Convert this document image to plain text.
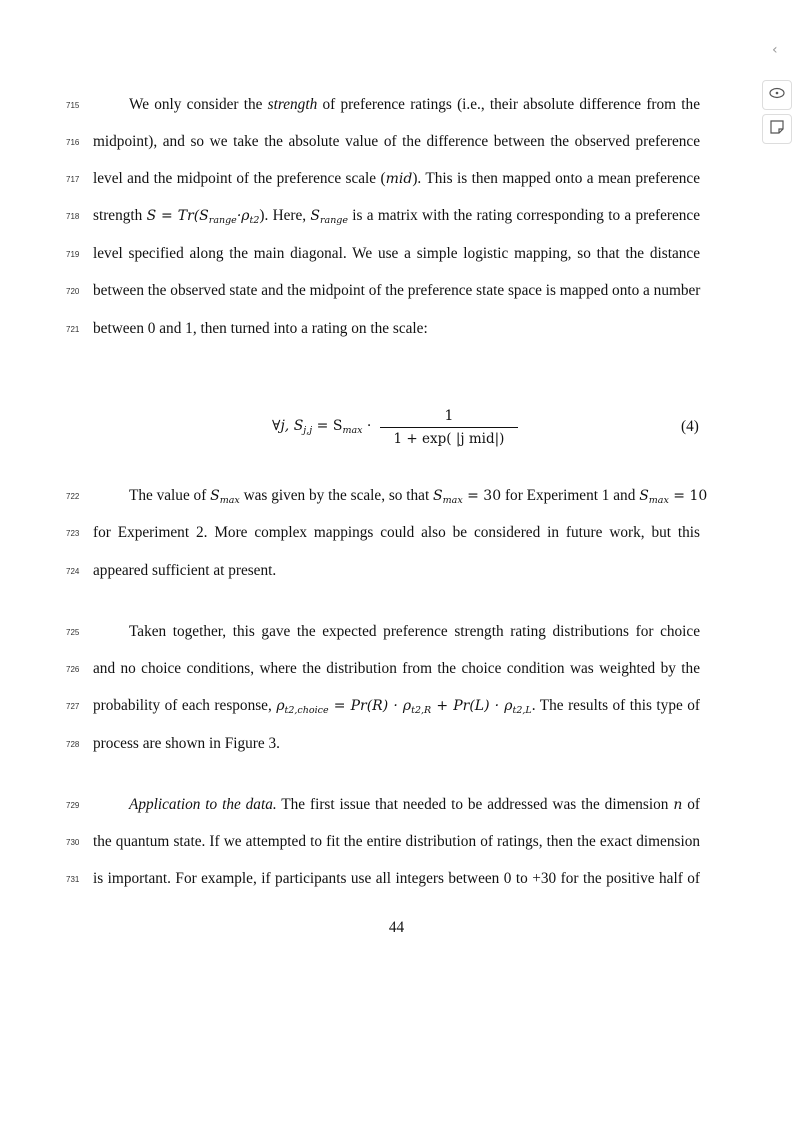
715	We only consider the strength of preference ratings (i.e., their absolute difference from the
716 midpoint), and so we take the absolute value of the difference between the observed preference
717 level and the midpoint of the preference scale (mid). This is then mapped onto a mean preference
718 strength $S = Tr(S_{range}\cdot\rho_{t2})$. Here, $S_{range}$ is a matrix with the rating corresponding to a preference
719 level specified along the main diagonal. We use a simple logistic mapping, so that the distance
720 between the observed state and the midpoint of the preference state space is mapped onto a number
721 between 0 and 1, then turned into a rating on the scale:
∀j, $S_{j,j} = S_{max}$ ·
1
1 + exp( |j mid|)
(4)
722	The value of $S_{max}$ was given by the scale, so that $S_{max} = 30$ for Experiment 1 and $S_{max} = 10$
723 for Experiment 2. More complex mappings could also be considered in future work, but this
724 appeared sufficient at present.
725	Taken together, this gave the expected preference strength rating distributions for choice
726 and no choice conditions, where the distribution from the choice condition was weighted by the
727 probability of each response, $\rho_{t2,choice} = Pr(R) \cdot \rho_{t2,R} + Pr(L) \cdot \rho_{t2,L}$. The results of this type of
728 process are shown in Figure 3.
729	Application to the data. The first issue that needed to be addressed was the dimension n of
730 the quantum state. If we attempted to fit the entire distribution of ratings, then the exact dimension
731 is important. For example, if participants use all integers between 0 to +30 for the positive half of
44
‹
